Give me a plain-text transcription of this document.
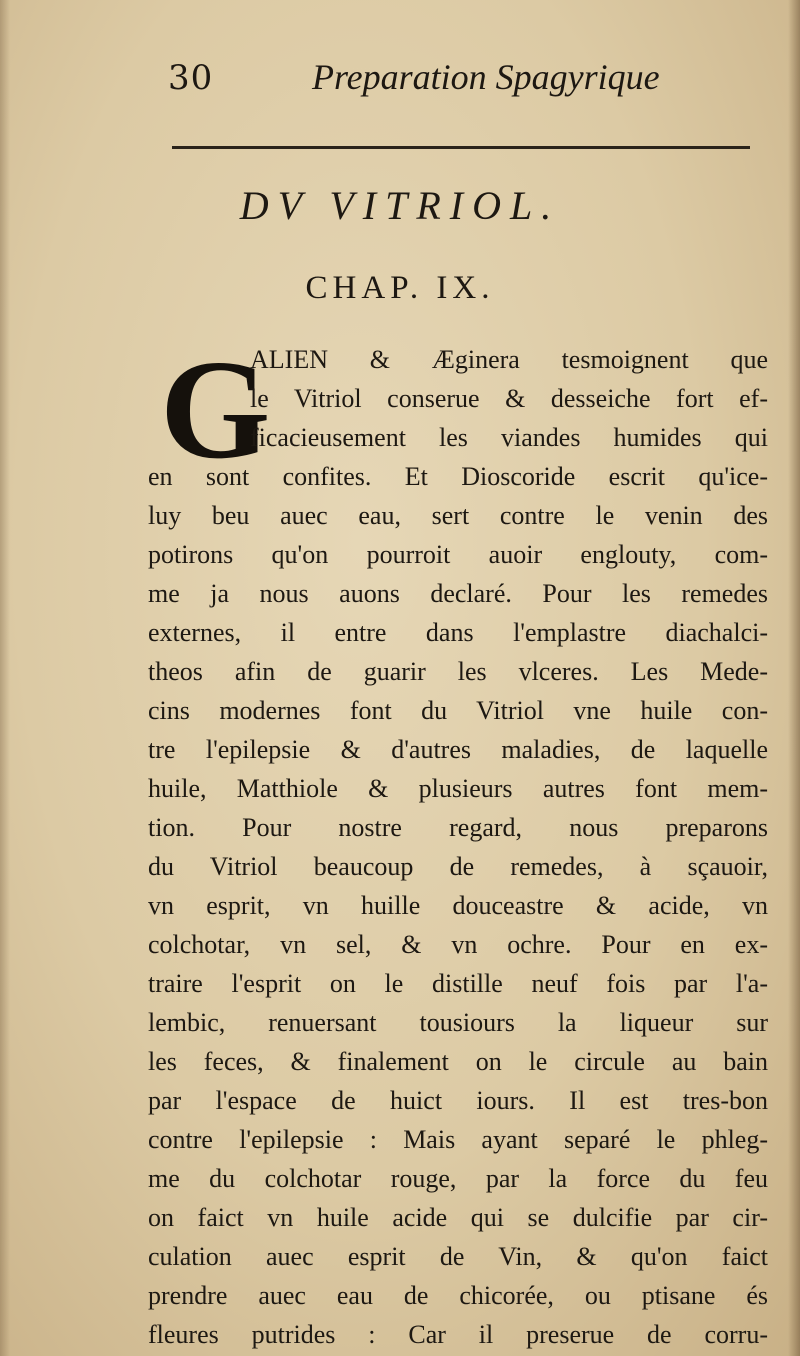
30	Preparation Spagyrique
DV VITRIOL.
CHAP. IX.
G
ALIEN & Æginera tesmoignent que
le Vitriol conserue & desseiche fort ef-
ficacieusement les viandes humides qui
en sont confites. Et Dioscoride escrit qu'ice-
luy beu auec eau, sert contre le venin des
potirons qu'on pourroit auoir englouty, com-
me ja nous auons declaré. Pour les remedes
externes, il entre dans l'emplastre diachalci-
theos afin de guarir les vlceres. Les Mede-
cins modernes font du Vitriol vne huile con-
tre l'epilepsie & d'autres maladies, de laquelle
huile, Matthiole & plusieurs autres font mem-
tion. Pour nostre regard, nous preparons
du Vitriol beaucoup de remedes, à sçauoir,
vn esprit, vn huille douceastre & acide, vn
colchotar, vn sel, & vn ochre. Pour en ex-
traire l'esprit on le distille neuf fois par l'a-
lembic, renuersant tousiours la liqueur sur
les feces, & finalement on le circule au bain
par l'espace de huict iours. Il est tres-bon
contre l'epilepsie : Mais ayant separé le phleg-
me du colchotar rouge, par la force du feu
on faict vn huile acide qui se dulcifie par cir-
culation auec esprit de Vin, & qu'on faict
prendre auec eau de chicorée, ou ptisane és
fleures putrides : Car il preserue de corru-
